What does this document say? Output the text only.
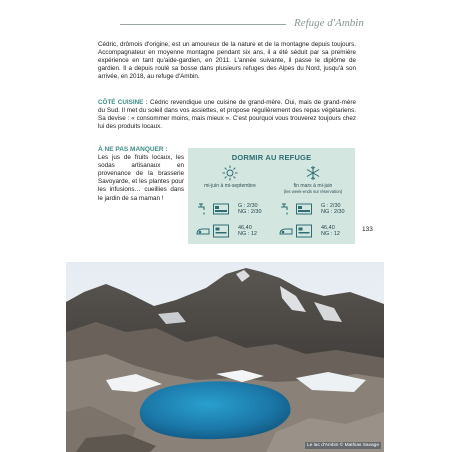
Refuge d'Ambin

Cédric, drômois d'origine, est un amoureux de la nature et de la montagne depuis toujours. Accompagnateur en moyenne montagne pendant six ans, il a été séduit par sa première expérience en tant qu'aide-gardien, en 2011. L'année suivante, il passe le diplôme de gardien. Il a depuis roulé sa bosse dans plusieurs refuges des Alpes du Nord, jusqu'à son arrivée, en 2018, au refuge d'Ambin.

CÔTÉ CUISINE : Cédric revendique une cuisine de grand-mère. Oui, mais de grand-mère du Sud. Il met du soleil dans vos assiettes, et propose régulièrement des repas végétariens. Sa devise : « consommer moins, mais mieux ». C'est pourquoi vous trouverez toujours chez lui des produits locaux.

À NE PAS MANQUER :
Les jus de fruits locaux, les sodas artisanaux en provenance de la brasserie Savoyarde, et les plantes pour les infusions… cueillies dans le jardin de sa maman !
DORMIR AU REFUGE
mi-juin à mi-septembre	fin mars à mi-juin
(les week-ends sur réservation)
G : 2/30
NG : 2/30
G : 2/30
NG : 2/30
46,40
NG : 12
46,40
NG : 12
133
Le lac d'Ambin © Mathias Savage
